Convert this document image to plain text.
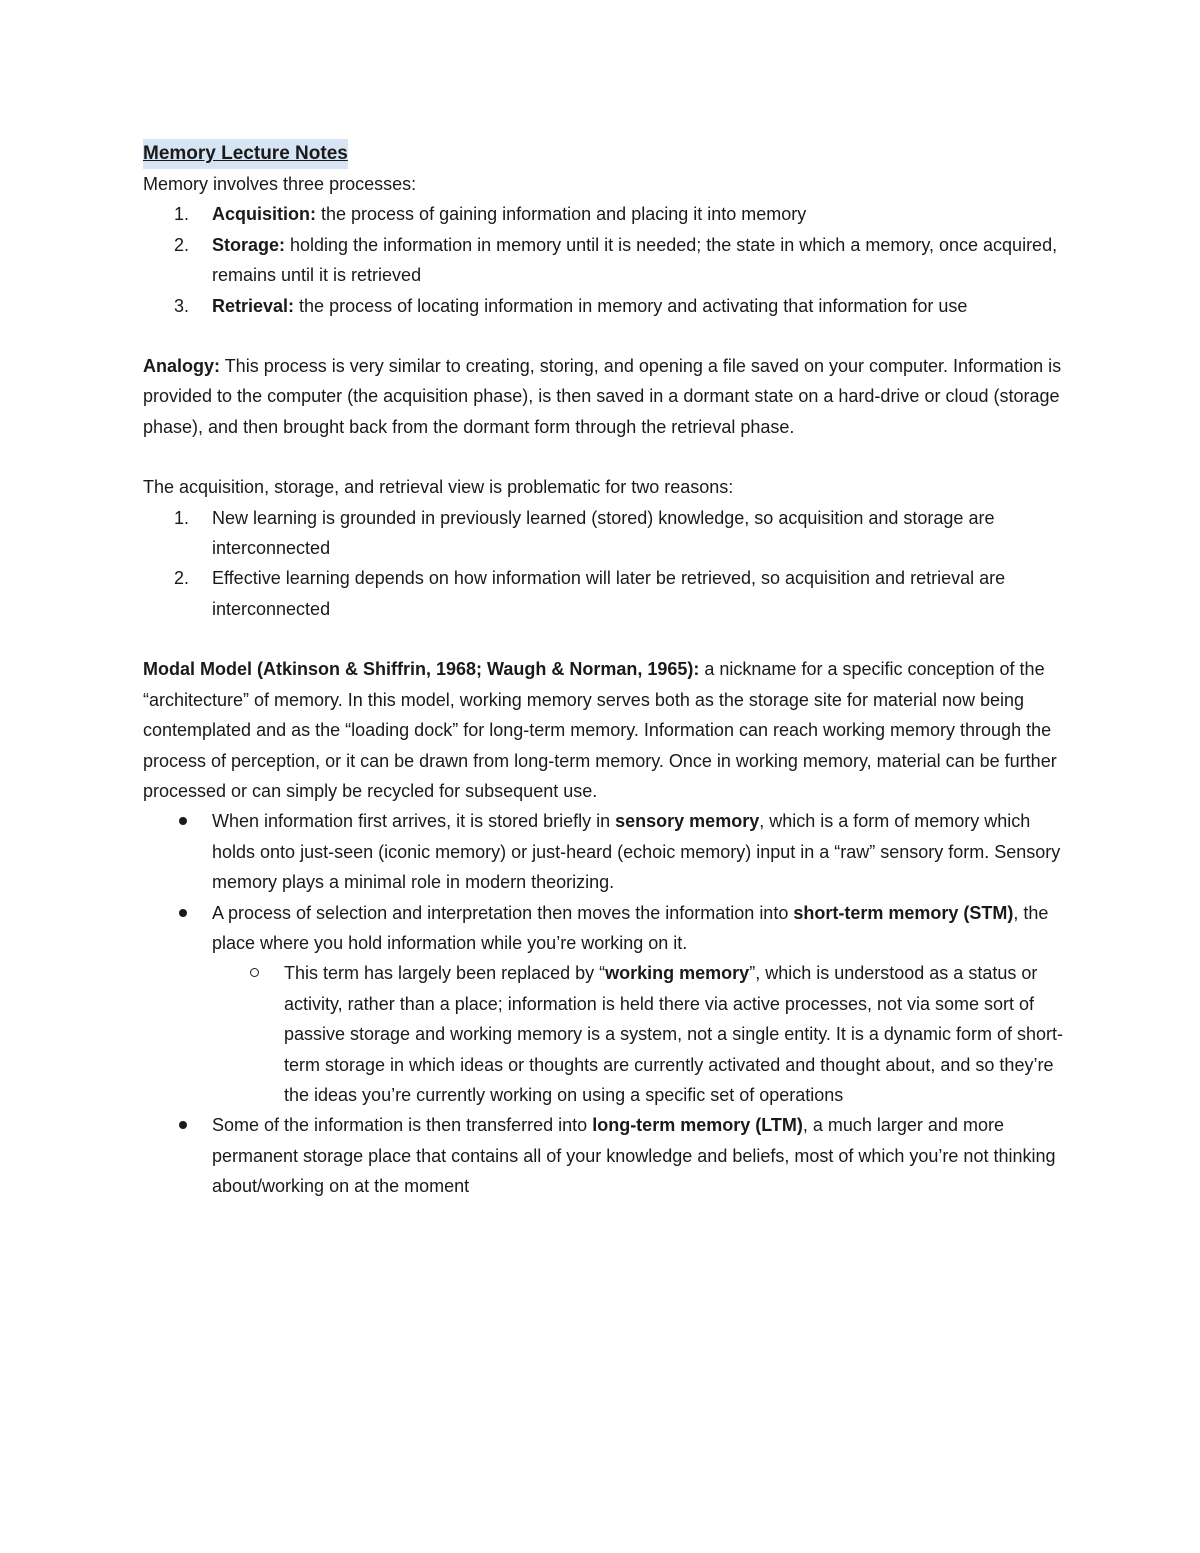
Memory Lecture Notes

Memory involves three processes:

1. Acquisition: the process of gaining information and placing it into memory
2. Storage: holding the information in memory until it is needed; the state in which a memory, once acquired, remains until it is retrieved
3. Retrieval: the process of locating information in memory and activating that information for use

Analogy: This process is very similar to creating, storing, and opening a file saved on your computer. Information is provided to the computer (the acquisition phase), is then saved in a dormant state on a hard-drive or cloud (storage phase), and then brought back from the dormant form through the retrieval phase.

The acquisition, storage, and retrieval view is problematic for two reasons:

1. New learning is grounded in previously learned (stored) knowledge, so acquisition and storage are interconnected
2. Effective learning depends on how information will later be retrieved, so acquisition and retrieval are interconnected

Modal Model (Atkinson & Shiffrin, 1968; Waugh & Norman, 1965): a nickname for a specific conception of the “architecture” of memory. In this model, working memory serves both as the storage site for material now being contemplated and as the “loading dock” for long-term memory. Information can reach working memory through the process of perception, or it can be drawn from long-term memory. Once in working memory, material can be further processed or can simply be recycled for subsequent use.

When information first arrives, it is stored briefly in sensory memory, which is a form of memory which holds onto just-seen (iconic memory) or just-heard (echoic memory) input in a “raw” sensory form. Sensory memory plays a minimal role in modern theorizing.
A process of selection and interpretation then moves the information into short-term memory (STM), the place where you hold information while you’re working on it.
This term has largely been replaced by “working memory”, which is understood as a status or activity, rather than a place; information is held there via active processes, not via some sort of passive storage and working memory is a system, not a single entity. It is a dynamic form of short-term storage in which ideas or thoughts are currently activated and thought about, and so they’re the ideas you’re currently working on using a specific set of operations
Some of the information is then transferred into long-term memory (LTM), a much larger and more permanent storage place that contains all of your knowledge and beliefs, most of which you’re not thinking about/working on at the moment
